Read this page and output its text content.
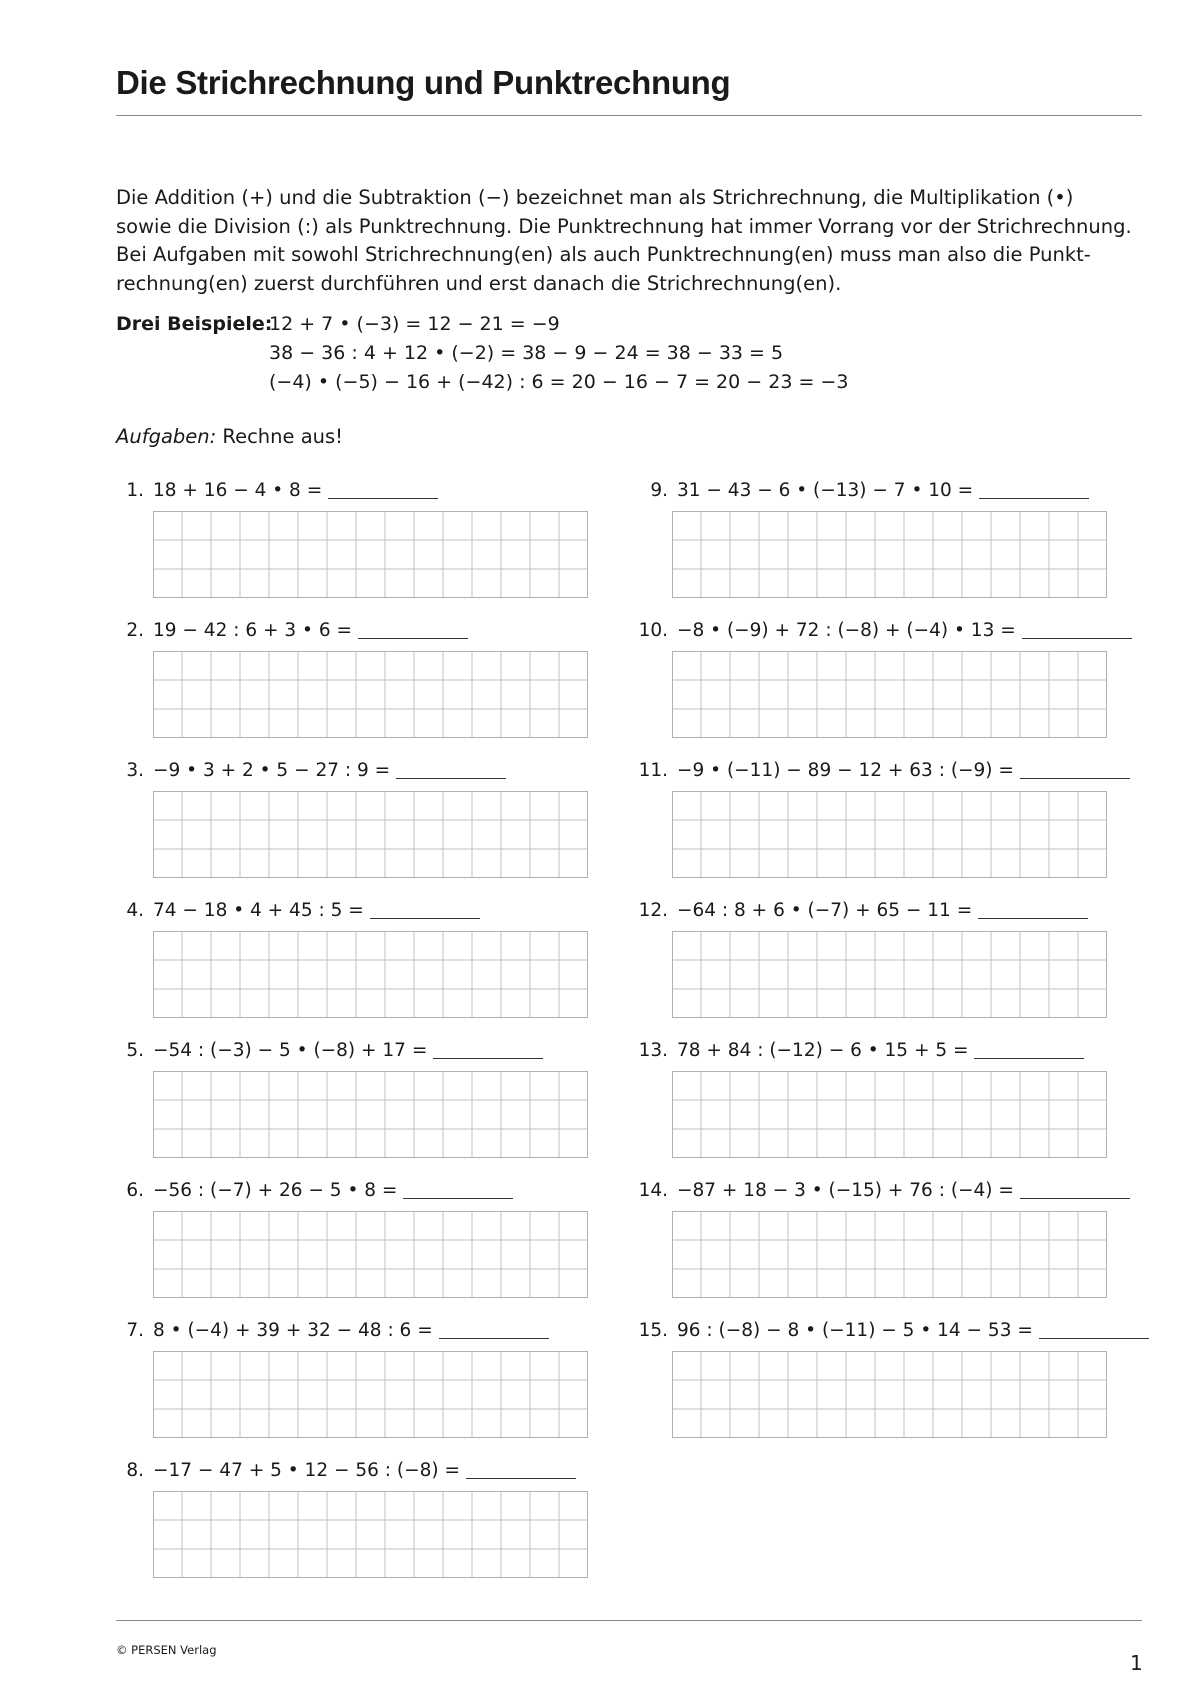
Die Strichrechnung und Punktrechnung

Die Addition (+) und die Subtraktion (−) bezeichnet man als Strichrechnung, die Multiplikation (•)

sowie die Division (:) als Punktrechnung. Die Punktrechnung hat immer Vorrang vor der Strichrechnung.

Bei Aufgaben mit sowohl Strichrechnung(en) als auch Punktrechnung(en) muss man also die Punkt-

rechnung(en) zuerst durchführen und erst danach die Strichrechnung(en).

Drei Beispiele:
12 + 7 • (−3) = 12 − 21 = −9
38 − 36 : 4 + 12 • (−2) = 38 − 9 − 24 = 38 − 33 = 5
(−4) • (−5) − 16 + (−42) : 6 = 20 − 16 − 7 = 20 − 23 = −3
Aufgaben: Rechne aus!
1. 18 + 16 − 4 • 8 =
2. 19 − 42 : 6 + 3 • 6 =
3. −9 • 3 + 2 • 5 − 27 : 9 =
4. 74 − 18 • 4 + 45 : 5 =
5. −54 : (−3) − 5 • (−8) + 17 =
6. −56 : (−7) + 26 − 5 • 8 =
7. 8 • (−4) + 39 + 32 − 48 : 6 =
8. −17 − 47 + 5 • 12 − 56 : (−8) =
9. 31 − 43 − 6 • (−13) − 7 • 10 =
10. −8 • (−9) + 72 : (−8) + (−4) • 13 =
11. −9 • (−11) − 89 − 12 + 63 : (−9) =
12. −64 : 8 + 6 • (−7) + 65 − 11 =
13. 78 + 84 : (−12) − 6 • 15 + 5 =
14. −87 + 18 − 3 • (−15) + 76 : (−4) =
15. 96 : (−8) − 8 • (−11) − 5 • 14 − 53 =
© PERSEN Verlag
1
